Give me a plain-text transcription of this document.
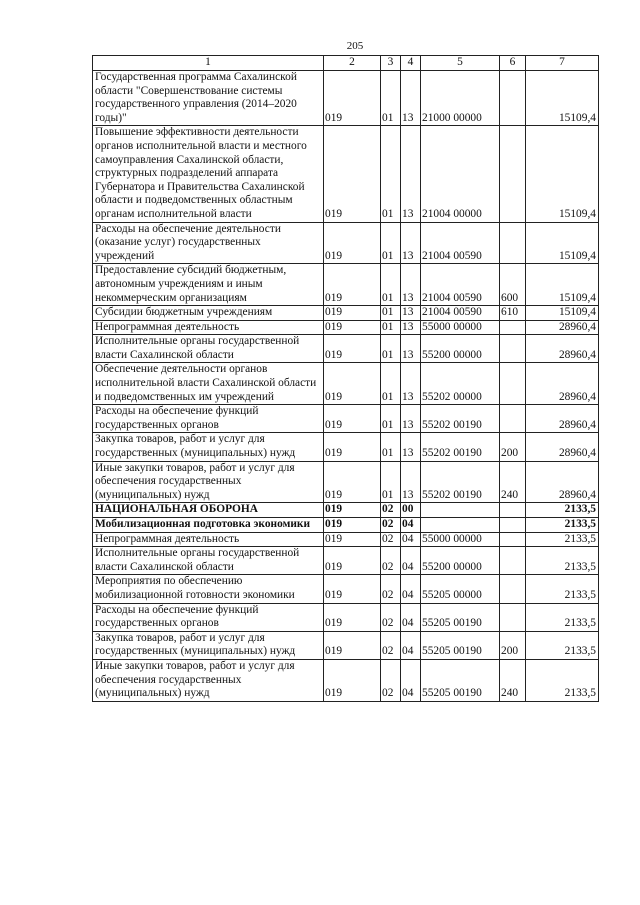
205
1	2	3	4	5	6	7
Государственная программа Сахалинской области "Совершенствование системы государственного управления (2014–2020 годы)"	019	01	13	21000 00000		15109,4
Повышение эффективности деятельности органов исполнительной власти и местного самоуправления Сахалинской области, структурных подразделений аппарата Губернатора и Правительства Сахалинской области и подведомственных областным органам исполнительной власти	019	01	13	21004 00000		15109,4
Расходы на обеспечение деятельности (оказание услуг) государственных учреждений	019	01	13	21004 00590		15109,4
Предоставление субсидий бюджетным, автономным учреждениям и иным некоммерческим организациям	019	01	13	21004 00590	600	15109,4
Субсидии бюджетным учреждениям	019	01	13	21004 00590	610	15109,4
Непрограммная деятельность	019	01	13	55000 00000		28960,4
Исполнительные органы государственной власти Сахалинской области	019	01	13	55200 00000		28960,4
Обеспечение деятельности органов исполнительной власти Сахалинской области и подведомственных им учреждений	019	01	13	55202 00000		28960,4
Расходы на обеспечение функций государственных органов	019	01	13	55202 00190		28960,4
Закупка товаров, работ и услуг для государственных (муниципальных) нужд	019	01	13	55202 00190	200	28960,4
Иные закупки товаров, работ и услуг для обеспечения государственных (муниципальных) нужд	019	01	13	55202 00190	240	28960,4
НАЦИОНАЛЬНАЯ ОБОРОНА	019	02	00			2133,5
Мобилизационная подготовка экономики	019	02	04			2133,5
Непрограммная деятельность	019	02	04	55000 00000		2133,5
Исполнительные органы государственной власти Сахалинской области	019	02	04	55200 00000		2133,5
Мероприятия по обеспечению мобилизационной готовности экономики	019	02	04	55205 00000		2133,5
Расходы на обеспечение функций государственных органов	019	02	04	55205 00190		2133,5
Закупка товаров, работ и услуг для государственных (муниципальных) нужд	019	02	04	55205 00190	200	2133,5
Иные закупки товаров, работ и услуг для обеспечения государственных (муниципальных) нужд	019	02	04	55205 00190	240	2133,5
